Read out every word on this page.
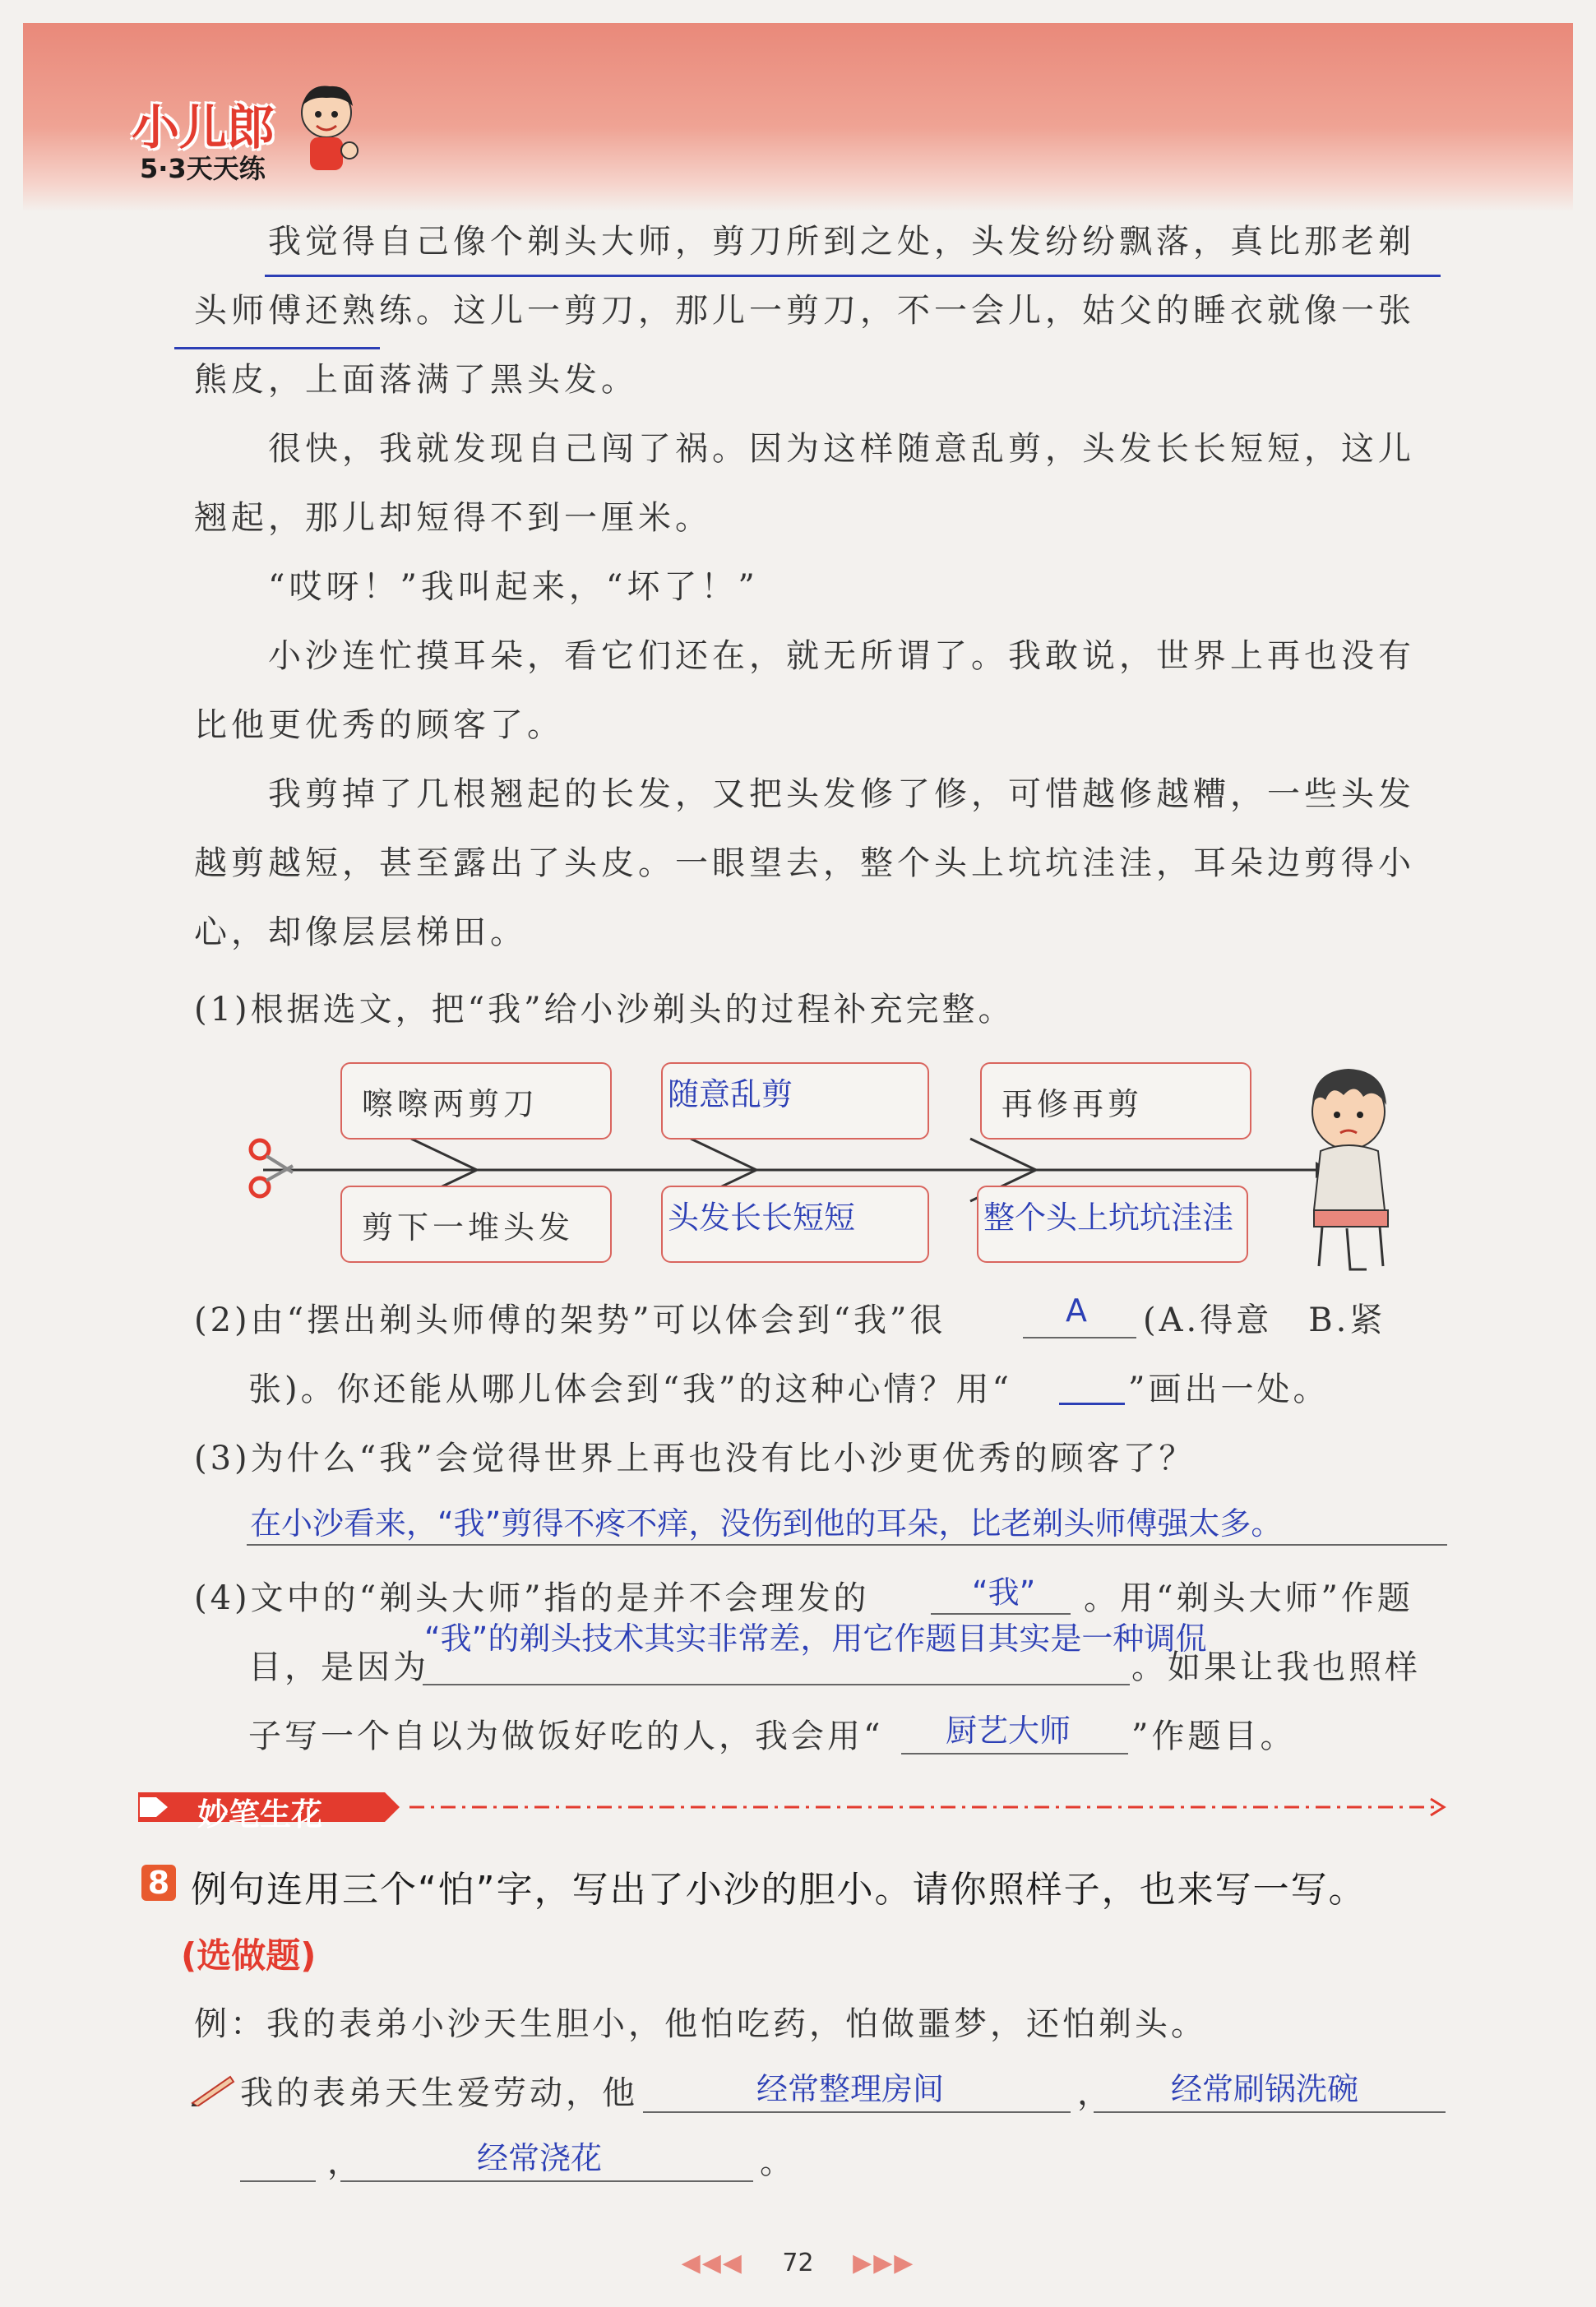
小儿郎
5·3天天练

我觉得自己像个剃头大师，剪刀所到之处，头发纷纷飘落，真比那老剃头师傅还熟练。这儿一剪刀，那儿一剪刀，不一会儿，姑父的睡衣就像一张熊皮，上面落满了黑头发。

很快，我就发现自己闯了祸。因为这样随意乱剪，头发长长短短，这儿翘起，那儿却短得不到一厘米。

“哎呀！”我叫起来，“坏了！”

小沙连忙摸耳朵，看它们还在，就无所谓了。我敢说，世界上再也没有比他更优秀的顾客了。

我剪掉了几根翘起的长发，又把头发修了修，可惜越修越糟，一些头发越剪越短，甚至露出了头皮。一眼望去，整个头上坑坑洼洼，耳朵边剪得小心，却像层层梯田。

(1)根据选文，把“我”给小沙剃头的过程补充完整。
嚓嚓两剪刀	随意乱剪	再修再剪
剪下一堆头发	头发长长短短	整个头上坑坑洼洼
(2)由“摆出剃头师傅的架势”可以体会到“我”很	A (A.得意　B.紧
张)。你还能从哪儿体会到“我”的这种心情？用“	”画出一处。
(3)为什么“我”会觉得世界上再也没有比小沙更优秀的顾客了？
在小沙看来，“我”剪得不疼不痒，没伤到他的耳朵，比老剃头师傅强太多。
(4)文中的“剃头大师”指的是并不会理发的	“我” 。用“剃头大师”作题
“我”的剃头技术其实非常差，用它作题目其实是一种调侃
目，是因为	。如果让我也照样
子写一个自以为做饭好吃的人，我会用“ 厨艺大师 ”作题目。
妙笔生花
8 例句连用三个“怕”字，写出了小沙的胆小。请你照样子，也来写一写。
(选做题)
例：我的表弟小沙天生胆小，他怕吃药，怕做噩梦，还怕剃头。
我的表弟天生爱劳动，他	经常整理房间	， 经常刷锅洗碗
，	经常浇花	。
◀◀◀ 72 ▶▶▶
